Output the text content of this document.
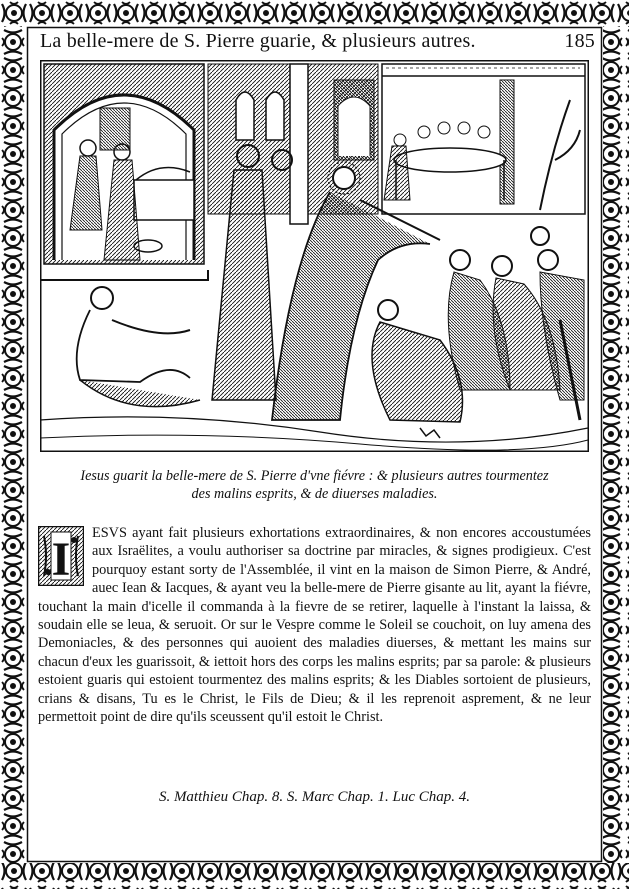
La belle-mere de S. Pierre guarie, & plusieurs autres.	185
Iesus guarit la belle-mere de S. Pierre d'vne fiévre : & plusieurs autres tourmentez
des malins esprits, & de diuerses maladies.
I ESVS ayant fait plusieurs exhortations extraordinaires, & non encores accoustumées aux Israëlites, a voulu authoriser sa doctrine par miracles, & signes prodigieux. C'est pourquoy estant sorty de l'Assemblée, il vint en la maison de Simon Pierre, & André, auec Iean & Iacques, & ayant veu la belle-mere de Pierre gisante au lit, ayant la fiévre, touchant la main d'icelle il commanda à la fievre de se retirer, laquelle à l'instant la laissa, & soudain elle se leua, & seruoit. Or sur le Vespre comme le Soleil se couchoit, on luy amena des Demoniacles, & des personnes qui auoient des maladies diuerses, & mettant les mains sur chacun d'eux les guarissoit, & iettoit hors des corps les malins esprits; par sa parole: & plusieurs estoient guaris qui estoient tourmentez des malins esprits; & les Diables sortoient de plusieurs, crians & disans, Tu es le Christ, le Fils de Dieu; & il les reprenoit asprement, & ne leur permettoit point de dire qu'ils sceussent qu'il estoit le Christ.
S. Matthieu Chap. 8. S. Marc Chap. 1. Luc Chap. 4.
